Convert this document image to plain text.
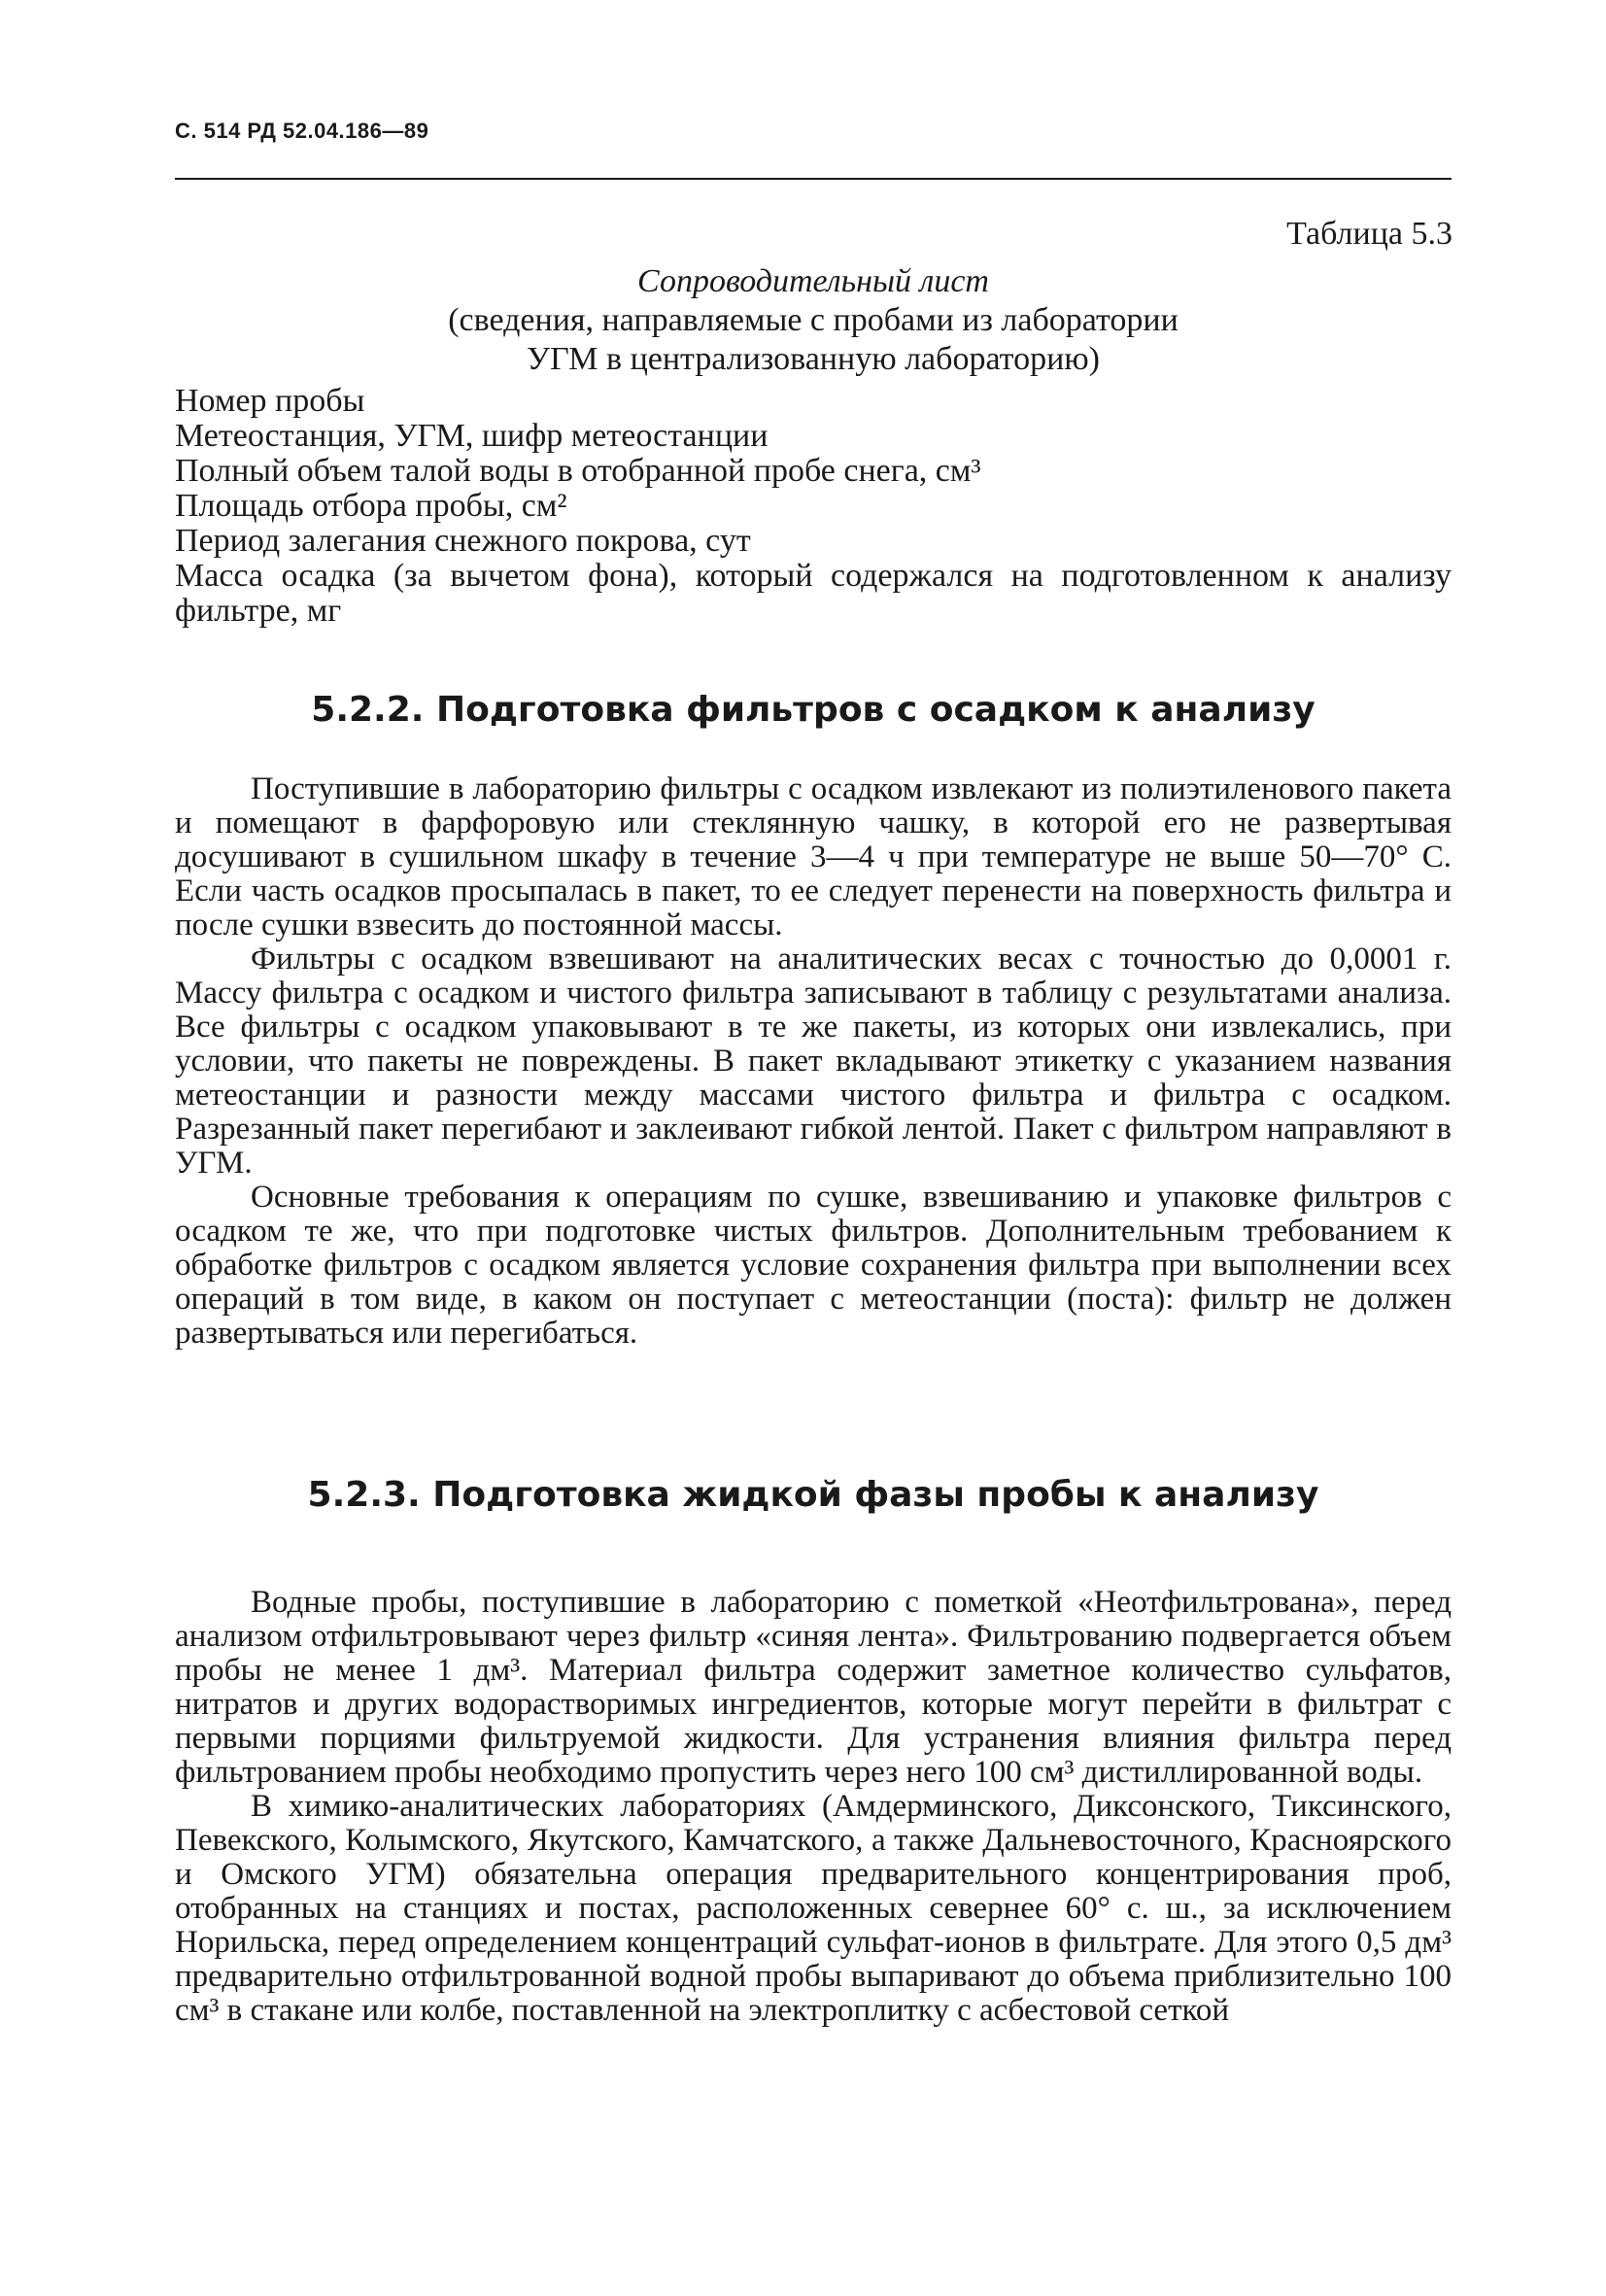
С. 514 РД 52.04.186—89
Таблица 5.3
Сопроводительный лист
(сведения, направляемые с пробами из лаборатории
УГМ в централизованную лабораторию)
Номер пробы
Метеостанция, УГМ, шифр метеостанции
Полный объем талой воды в отобранной пробе снега, см³
Площадь отбора пробы, см²
Период залегания снежного покрова, сут
Масса осадка (за вычетом фона), который содержался на подготовленном к анализу фильтре, мг
5.2.2. Подготовка фильтров с осадком к анализу

Поступившие в лабораторию фильтры с осадком извлекают из полиэтиленового пакета и помещают в фарфоровую или стеклянную чашку, в которой его не развертывая досушивают в сушильном шкафу в течение 3—4 ч при температуре не выше 50—70° С. Если часть осадков просыпалась в пакет, то ее следует перенести на поверхность фильтра и после сушки взвесить до постоянной массы.

Фильтры с осадком взвешивают на аналитических весах с точностью до 0,0001 г. Массу фильтра с осадком и чистого фильтра записывают в таблицу с результатами анализа. Все фильтры с осадком упаковывают в те же пакеты, из которых они извлекались, при условии, что пакеты не повреждены. В пакет вкладывают этикетку с указанием названия метеостанции и разности между массами чистого фильтра и фильтра с осадком. Разрезанный пакет перегибают и заклеивают гибкой лентой. Пакет с фильтром направляют в УГМ.

Основные требования к операциям по сушке, взвешиванию и упаковке фильтров с осадком те же, что при подготовке чистых фильтров. Дополнительным требованием к обработке фильтров с осадком является условие сохранения фильтра при выполнении всех операций в том виде, в каком он поступает с метеостанции (поста): фильтр не должен развертываться или перегибаться.

5.2.3. Подготовка жидкой фазы пробы к анализу

Водные пробы, поступившие в лабораторию с пометкой «Неотфильтрована», перед анализом отфильтровывают через фильтр «синяя лента». Фильтрованию подвергается объем пробы не менее 1 дм³. Материал фильтра содержит заметное количество сульфатов, нитратов и других водорастворимых ингредиентов, которые могут перейти в фильтрат с первыми порциями фильтруемой жидкости. Для устранения влияния фильтра перед фильтрованием пробы необходимо пропустить через него 100 см³ дистиллированной воды.

В химико-аналитических лабораториях (Амдерминского, Диксонского, Тиксинского, Певекского, Колымского, Якутского, Камчатского, а также Дальневосточного, Красноярского и Омского УГМ) обязательна операция предварительного концентрирования проб, отобранных на станциях и постах, расположенных севернее 60° с. ш., за исключением Норильска, перед определением концентраций сульфат-ионов в фильтрате. Для этого 0,5 дм³ предварительно отфильтрованной водной пробы выпаривают до объема приблизительно 100 см³ в стакане или колбе, поставленной на электроплитку с асбестовой сеткой
